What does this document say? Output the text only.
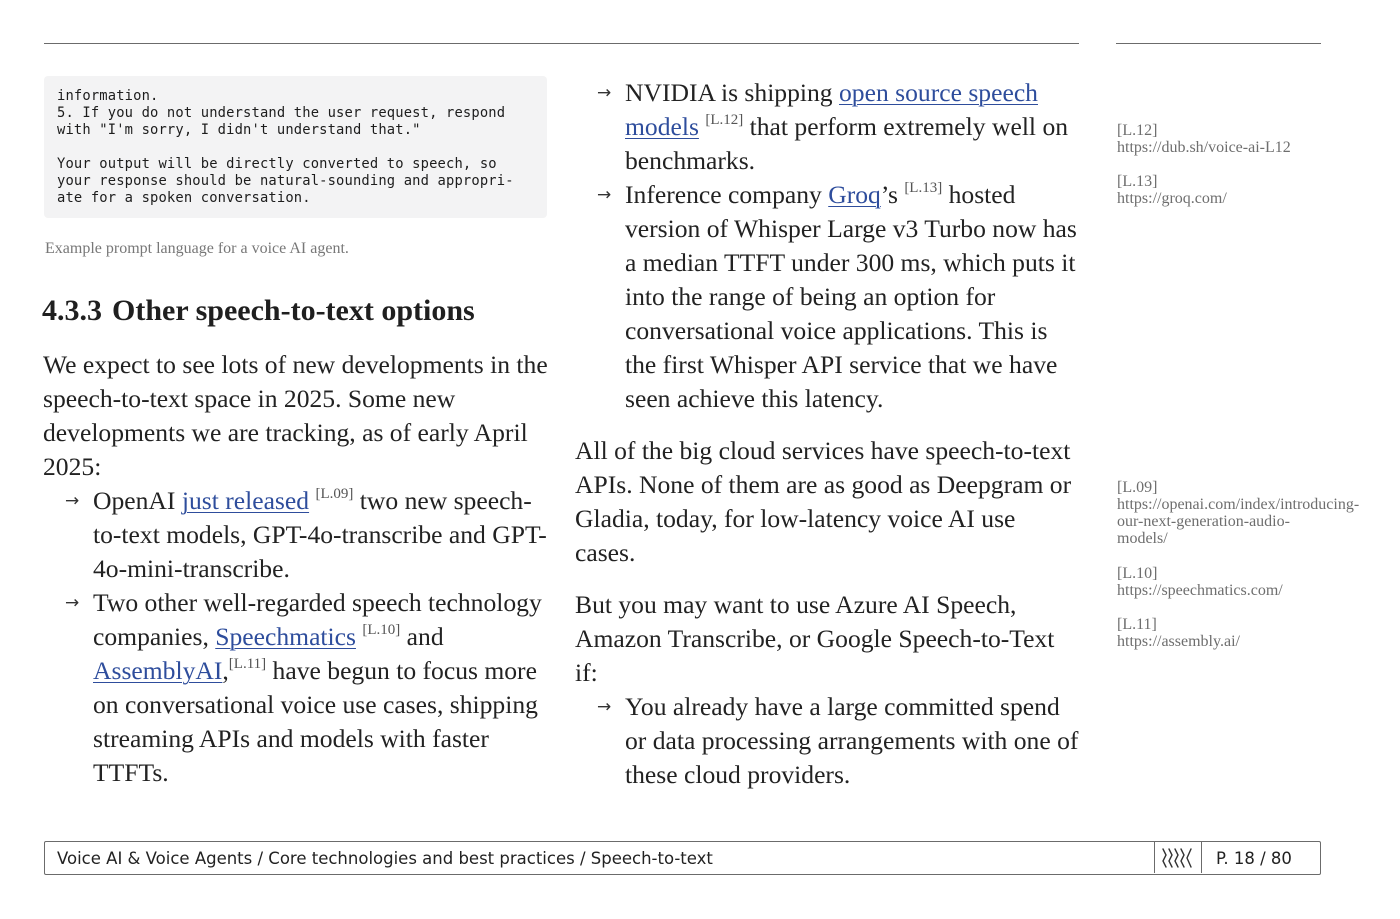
information.
5. If you do not understand the user request, respond
with "I'm sorry, I didn't understand that."

Your output will be directly converted to speech, so
your response should be natural-sounding and appropri-
ate for a spoken conversation.
Example prompt language for a voice AI agent.
4.3.3 Other speech-to-text options

We expect to see lots of new developments in the speech-to-text space in 2025. Some new developments we are tracking, as of early April 2025:

→ OpenAI just released [L.09] two new speech-to-text models, GPT-4o-transcribe and GPT-4o-mini-transcribe.
→ Two other well-regarded speech technology companies, Speechmatics [L.10] and AssemblyAI,[L.11] have begun to focus more on conversational voice use cases, shipping streaming APIs and models with faster TTFTs.
→ NVIDIA is shipping open source speech models [L.12] that perform extremely well on benchmarks.
→ Inference company Groq’s [L.13] hosted version of Whisper Large v3 Turbo now has a median TTFT under 300 ms, which puts it into the range of being an option for conversational voice applications. This is the first Whisper API service that we have seen achieve this latency.

All of the big cloud services have speech-to-text APIs. None of them are as good as Deepgram or Gladia, today, for low-latency voice AI use cases.

But you may want to use Azure AI Speech, Amazon Transcribe, or Google Speech-to-Text if:

→ You already have a large committed spend or data processing arrangements with one of these cloud providers.
[L.12]
https://dub.sh/voice-ai-L12
[L.13]
https://groq.com/
[L.09]
https://openai.com/index/introducing-our-next-generation-audio-models/
[L.10]
https://speechmatics.com/
[L.11]
https://assembly.ai/
Voice AI & Voice Agents / Core technologies and best practices / Speech-to-text	P. 18 / 80
